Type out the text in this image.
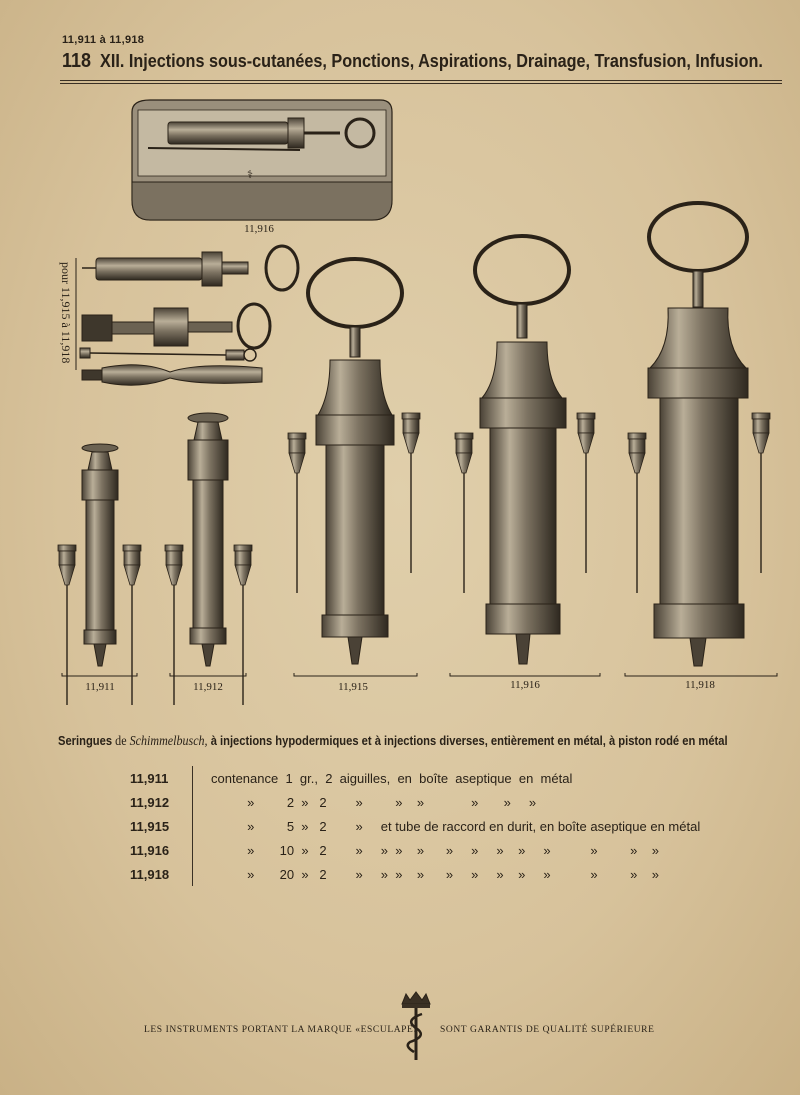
11,911 à 11,918
118 XII. Injections sous-cutanées, Ponctions, Aspirations, Drainage, Transfusion, Infusion.
⚕
11,916
pour 11,915 à 11,918
11,911	11,912	11,915	11,916	11,918
Seringues de Schimmelbusch, à injections hypodermiques et à injections diverses, entièrement en métal, à piston rodé en métal
11,911	contenance  1  gr.,  2  aiguilles,  en  boîte  aseptique  en  métal
11,912	»         2  »   2        »         »    »             »       »     »
11,915	»         5  »   2        »     et tube de raccord en durit, en boîte aseptique en métal
11,916	»       10  »   2        »     »  »    »      »     »     »    »     »           »         »    »
11,918	»       20  »   2        »     »  »    »      »     »     »    »     »           »         »    »
LES INSTRUMENTS PORTANT LA MARQUE «ESCULAPE» SONT GARANTIS DE QUALITÉ SUPÉRIEURE
